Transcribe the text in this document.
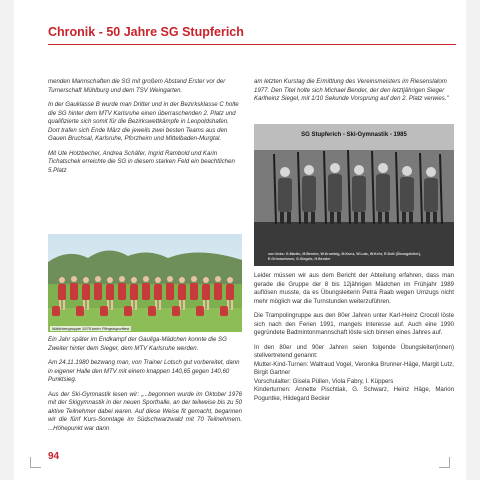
Chronik - 50 Jahre SG Stupferich

menden Mannschaften die SG mit großem Abstand Erster vor der Turnerschaft Mühlburg und dem TSV Weingarten.

In der Gauklasse B wurde man Dritter und in der Bezirksklasse C holte die SG hinter dem MTV Karlsruhe einen überraschenden 2. Platz und qualifizierte sich somit für die Bezirkswettkämpfe in Leopoldshafen. Dort trafen sich Ende März die jeweils zwei besten Teams aus den Gauen Bruchsal, Karlsruhe, Pforzheim und Mittelbaden-Murgtal.

Mit Ute Holzbecher, Andrea Schäfer, Ingrid Rambold und Karin Tichatschek erreichte die SG in diesem starken Feld ein beachtlichen 5.Platz

Mädchengruppe 1979 beim Pfingstsportfest

Ein Jahr später im Endkampf der Gauliga-Mädchen konnte die SG Zweiter hinter dem Sieger, dem MTV Karlsruhe werden.

Am 24.11.1980 bezwang man, von Trainer Lotsch gut vorbereitet, dann in eigener Halle den MTV mit einem knappen 140,65 gegen 140,60 Punktsieg.

Aus der Ski-Gymnastik lesen wir: „...begonnen wurde im Oktober 1976 mit der Skigymnastik in der neuen Sporthalle, an der teilweise bis zu 50 aktive Teilnehmer dabei waren. Auf diese Weise fit gemacht, begannen wir die fünf Kurs-Sonntage im Südschwarzwald mit 70 Teilnehmern. ...Höhepunkt war dann

am letzten Kurstag die Ermittlung des Vereinsmeisters im Riesenslalom 1977. Den Titel holte sich Michael Bender, der den letztjährigen Sieger Karlheinz Siegel, mit 1/10 Sekunde Vorsprung auf den 2. Platz verwies."

SG Stupferich - Ski-Gymnastik - 1985
von links: G.Martin, M.Bender, W.Krumbig, M.Kunz, W.Lutz, W.Kehr, R.Dolt (Übungsleiter), E.Grimmeissen, G.Siegele, H.Bender

Leider müssen wir aus dem Bericht der Abteilung erfahren, dass man gerade die Gruppe der 8 bis 12jährigen Mädchen im Frühjahr 1989 auflösen musste, da es Übungsleiterin Petra Raab wegen Umzugs nicht mehr möglich war die Turnstunden weiterzuführen.

Die Trampolingruppe aus den 80er Jahren unter Karl-Heinz Crocoll löste sich nach den Ferien 1991, mangels Interesse auf. Auch eine 1990 gegründete Badmintonmannschaft löste sich binnen eines Jahres auf.

In den 80er und 90er Jahren seien folgende Übungsleiter(innen) stellvertretend genannt:

Mutter-Kind-Turnen: Waltraud Vogel, Veronika Brunner-Häge, Margit Lutz, Birgit Gartner

Vorschulalter: Gisela Püllen, Viola Fabry, I. Küppers

Kinderturnen: Annette Pischtiak, G. Schwarz, Heinz Häge, Marion Poguntke, Hildegard Becker

94
